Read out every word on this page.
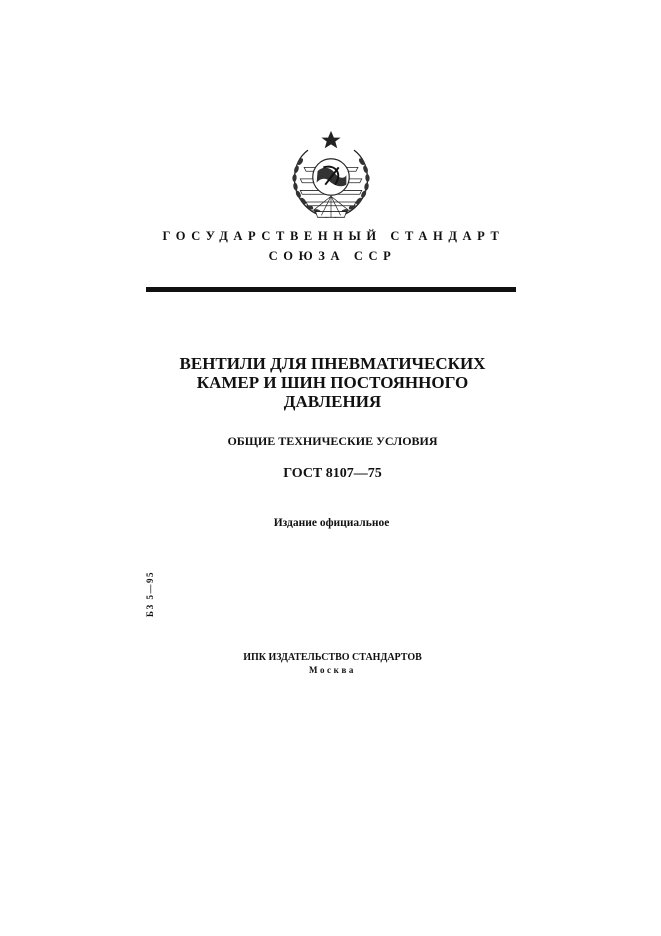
ГОСУДАРСТВЕННЫЙ СТАНДАРТ
СОЮЗА ССР
ВЕНТИЛИ ДЛЯ ПНЕВМАТИЧЕСКИХ
КАМЕР И ШИН ПОСТОЯННОГО
ДАВЛЕНИЯ
ОБЩИЕ ТЕХНИЧЕСКИЕ УСЛОВИЯ
ГОСТ 8107—75
Издание официальное
БЗ 5—95
ИПК ИЗДАТЕЛЬСТВО СТАНДАРТОВ
Москва
